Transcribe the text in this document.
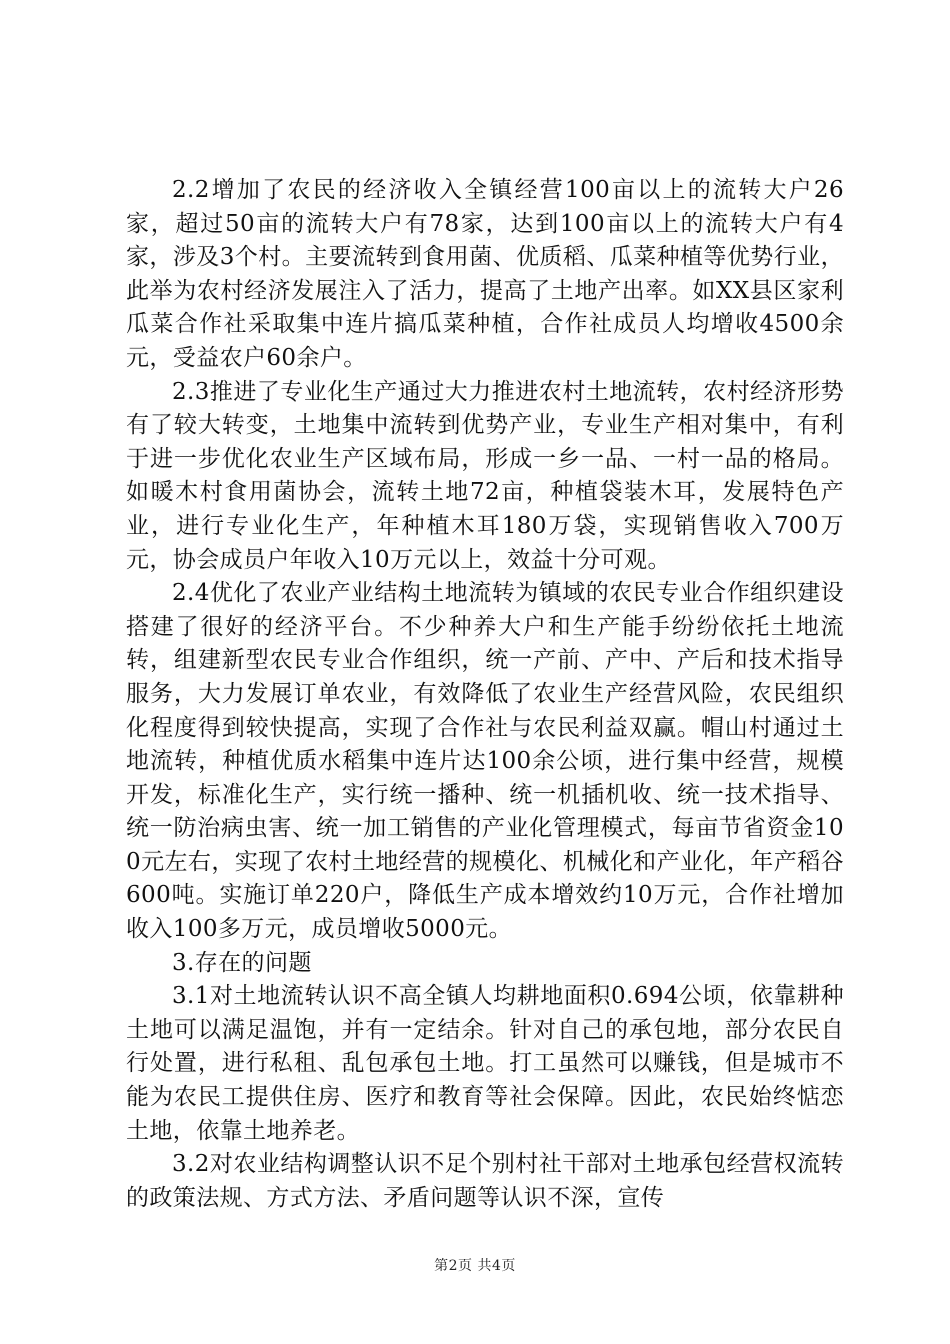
2.2增加了农民的经济收入全镇经营100亩以上的流转大户26家，超过50亩的流转大户有78家，达到100亩以上的流转大户有4家，涉及3个村。主要流转到食用菌、优质稻、瓜菜种植等优势行业，此举为农村经济发展注入了活力，提高了土地产出率。如XX县区家利瓜菜合作社采取集中连片搞瓜菜种植，合作社成员人均增收4500余元，受益农户60余户。

2.3推进了专业化生产通过大力推进农村土地流转，农村经济形势有了较大转变，土地集中流转到优势产业，专业生产相对集中，有利于进一步优化农业生产区域布局，形成一乡一品、一村一品的格局。如暖木村食用菌协会，流转土地72亩，种植袋装木耳，发展特色产业，进行专业化生产，年种植木耳180万袋，实现销售收入700万元，协会成员户年收入10万元以上，效益十分可观。

2.4优化了农业产业结构土地流转为镇域的农民专业合作组织建设搭建了很好的经济平台。不少种养大户和生产能手纷纷依托土地流转，组建新型农民专业合作组织，统一产前、产中、产后和技术指导服务，大力发展订单农业，有效降低了农业生产经营风险，农民组织化程度得到较快提高，实现了合作社与农民利益双赢。帽山村通过土地流转，种植优质水稻集中连片达100余公顷，进行集中经营，规模开发，标准化生产，实行统一播种、统一机插机收、统一技术指导、统一防治病虫害、统一加工销售的产业化管理模式，每亩节省资金100元左右，实现了农村土地经营的规模化、机械化和产业化，年产稻谷600吨。实施订单220户，降低生产成本增效约10万元，合作社增加收入100多万元，成员增收5000元。

3.存在的问题

3.1对土地流转认识不高全镇人均耕地面积0.694公顷，依靠耕种土地可以满足温饱，并有一定结余。针对自己的承包地，部分农民自行处置，进行私租、乱包承包土地。打工虽然可以赚钱，但是城市不能为农民工提供住房、医疗和教育等社会保障。因此，农民始终惦恋土地，依靠土地养老。

3.2对农业结构调整认识不足个别村社干部对土地承包经营权流转的政策法规、方式方法、矛盾问题等认识不深，宣传

第2页 共4页
